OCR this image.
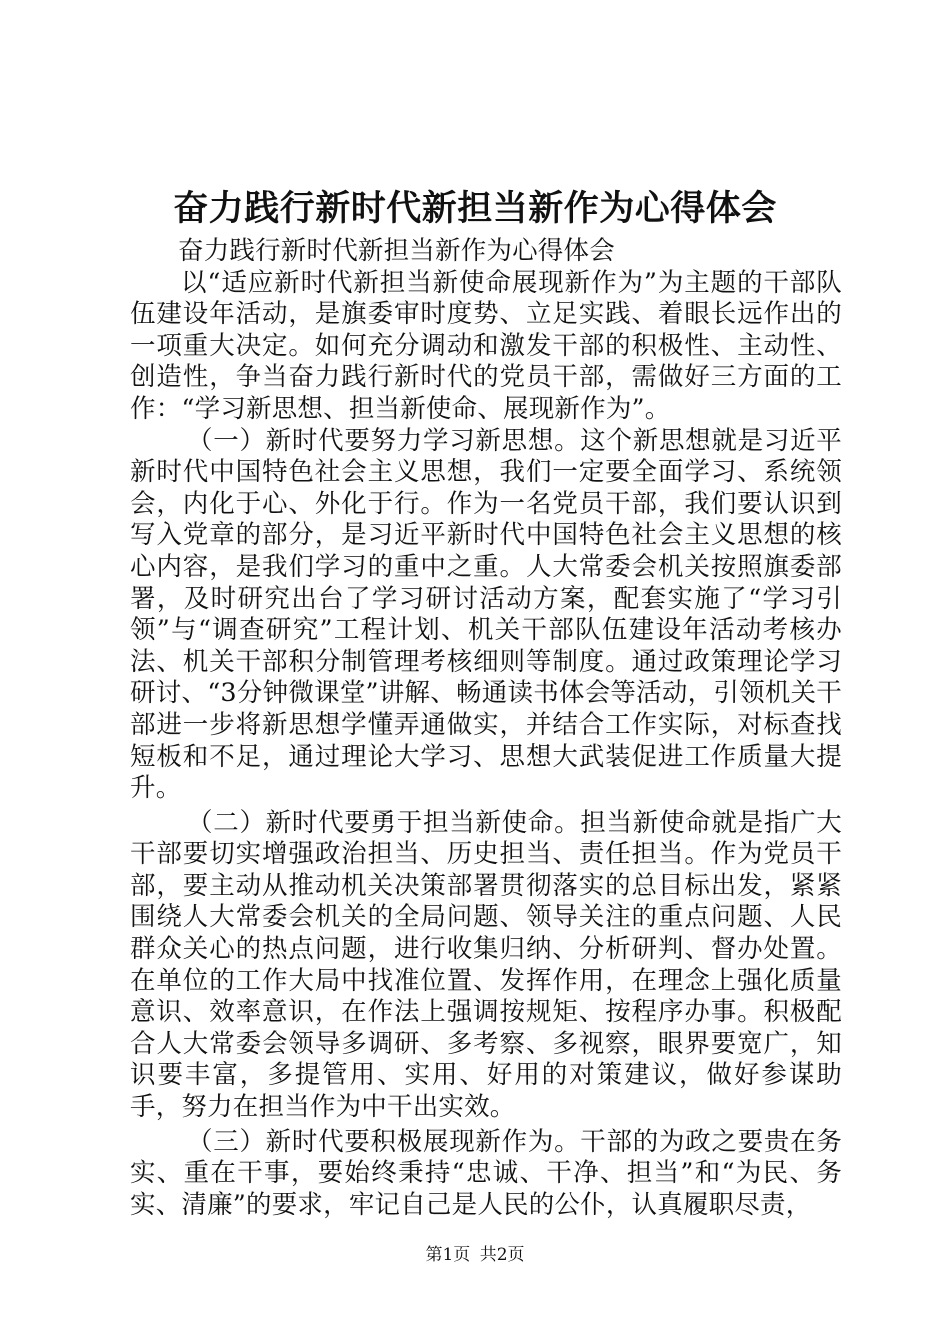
奋力践行新时代新担当新作为心得体会

奋力践行新时代新担当新作为心得体会

以“适应新时代新担当新使命展现新作为”为主题的干部队伍建设年活动，是旗委审时度势、立足实践、着眼长远作出的一项重大决定。如何充分调动和激发干部的积极性、主动性、创造性，争当奋力践行新时代的党员干部，需做好三方面的工作：“学习新思想、担当新使命、展现新作为”。

（一）新时代要努力学习新思想。这个新思想就是习近平新时代中国特色社会主义思想，我们一定要全面学习、系统领会，内化于心、外化于行。作为一名党员干部，我们要认识到写入党章的部分，是习近平新时代中国特色社会主义思想的核心内容，是我们学习的重中之重。人大常委会机关按照旗委部署，及时研究出台了学习研讨活动方案，配套实施了“学习引领”与“调查研究”工程计划、机关干部队伍建设年活动考核办法、机关干部积分制管理考核细则等制度。通过政策理论学习研讨、“3分钟微课堂”讲解、畅通读书体会等活动，引领机关干部进一步将新思想学懂弄通做实，并结合工作实际，对标查找短板和不足，通过理论大学习、思想大武装促进工作质量大提升。

（二）新时代要勇于担当新使命。担当新使命就是指广大干部要切实增强政治担当、历史担当、责任担当。作为党员干部，要主动从推动机关决策部署贯彻落实的总目标出发，紧紧围绕人大常委会机关的全局问题、领导关注的重点问题、人民群众关心的热点问题，进行收集归纳、分析研判、督办处置。在单位的工作大局中找准位置、发挥作用，在理念上强化质量意识、效率意识，在作法上强调按规矩、按程序办事。积极配合人大常委会领导多调研、多考察、多视察，眼界要宽广，知识要丰富，多提管用、实用、好用的对策建议，做好参谋助手，努力在担当作为中干出实效。

（三）新时代要积极展现新作为。干部的为政之要贵在务实、重在干事，要始终秉持“忠诚、干净、担当”和“为民、务实、清廉”的要求，牢记自己是人民的公仆，认真履职尽责，

第1页 共2页
